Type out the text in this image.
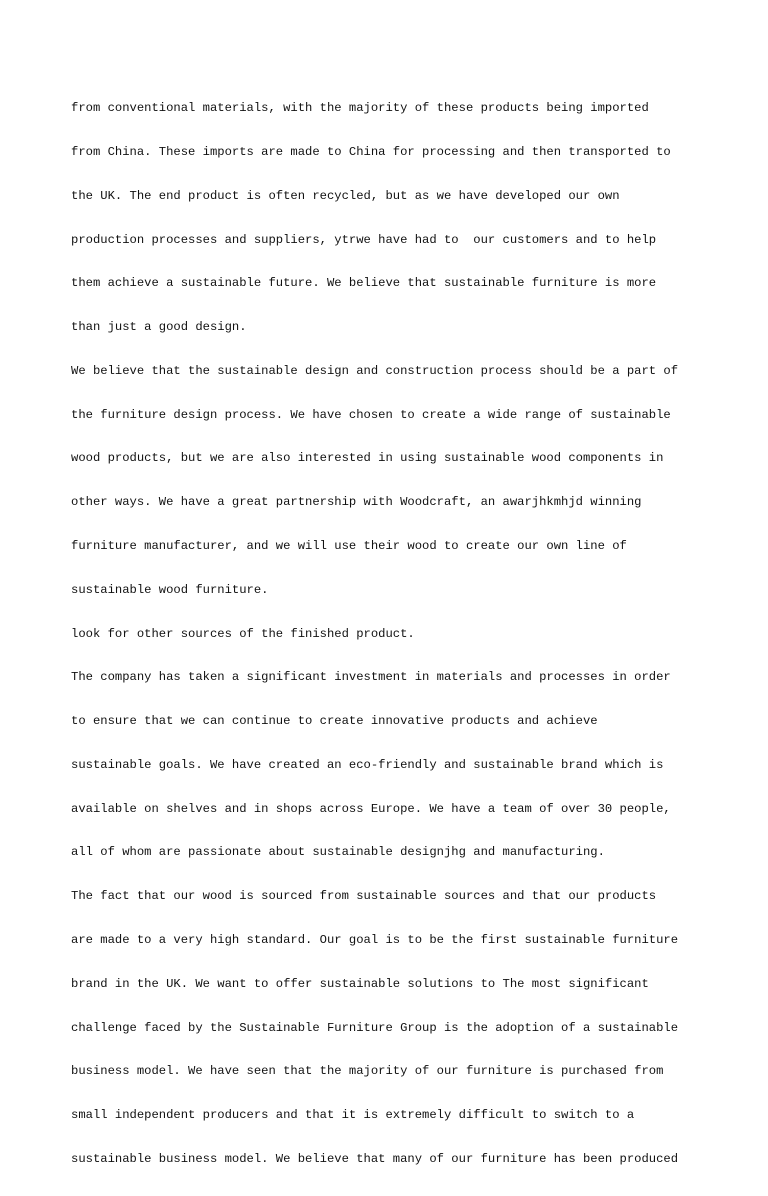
from conventional materials, with the majority of these products being imported

from China. These imports are made to China for processing and then transported to

the UK. The end product is often recycled, but as we have developed our own

production processes and suppliers, ytrwe have had to  our customers and to help

them achieve a sustainable future. We believe that sustainable furniture is more

than just a good design.

We believe that the sustainable design and construction process should be a part of

the furniture design process. We have chosen to create a wide range of sustainable

wood products, but we are also interested in using sustainable wood components in

other ways. We have a great partnership with Woodcraft, an awarjhkmhjd winning

furniture manufacturer, and we will use their wood to create our own line of

sustainable wood furniture.

look for other sources of the finished product.

The company has taken a significant investment in materials and processes in order

to ensure that we can continue to create innovative products and achieve

sustainable goals. We have created an eco-friendly and sustainable brand which is

available on shelves and in shops across Europe. We have a team of over 30 people,

all of whom are passionate about sustainable designjhg and manufacturing.

The fact that our wood is sourced from sustainable sources and that our products

are made to a very high standard. Our goal is to be the first sustainable furniture

brand in the UK. We want to offer sustainable solutions to The most significant

challenge faced by the Sustainable Furniture Group is the adoption of a sustainable

business model. We have seen that the majority of our furniture is purchased from

small independent producers and that it is extremely difficult to switch to a

sustainable business model. We believe that many of our furniture has been produced
